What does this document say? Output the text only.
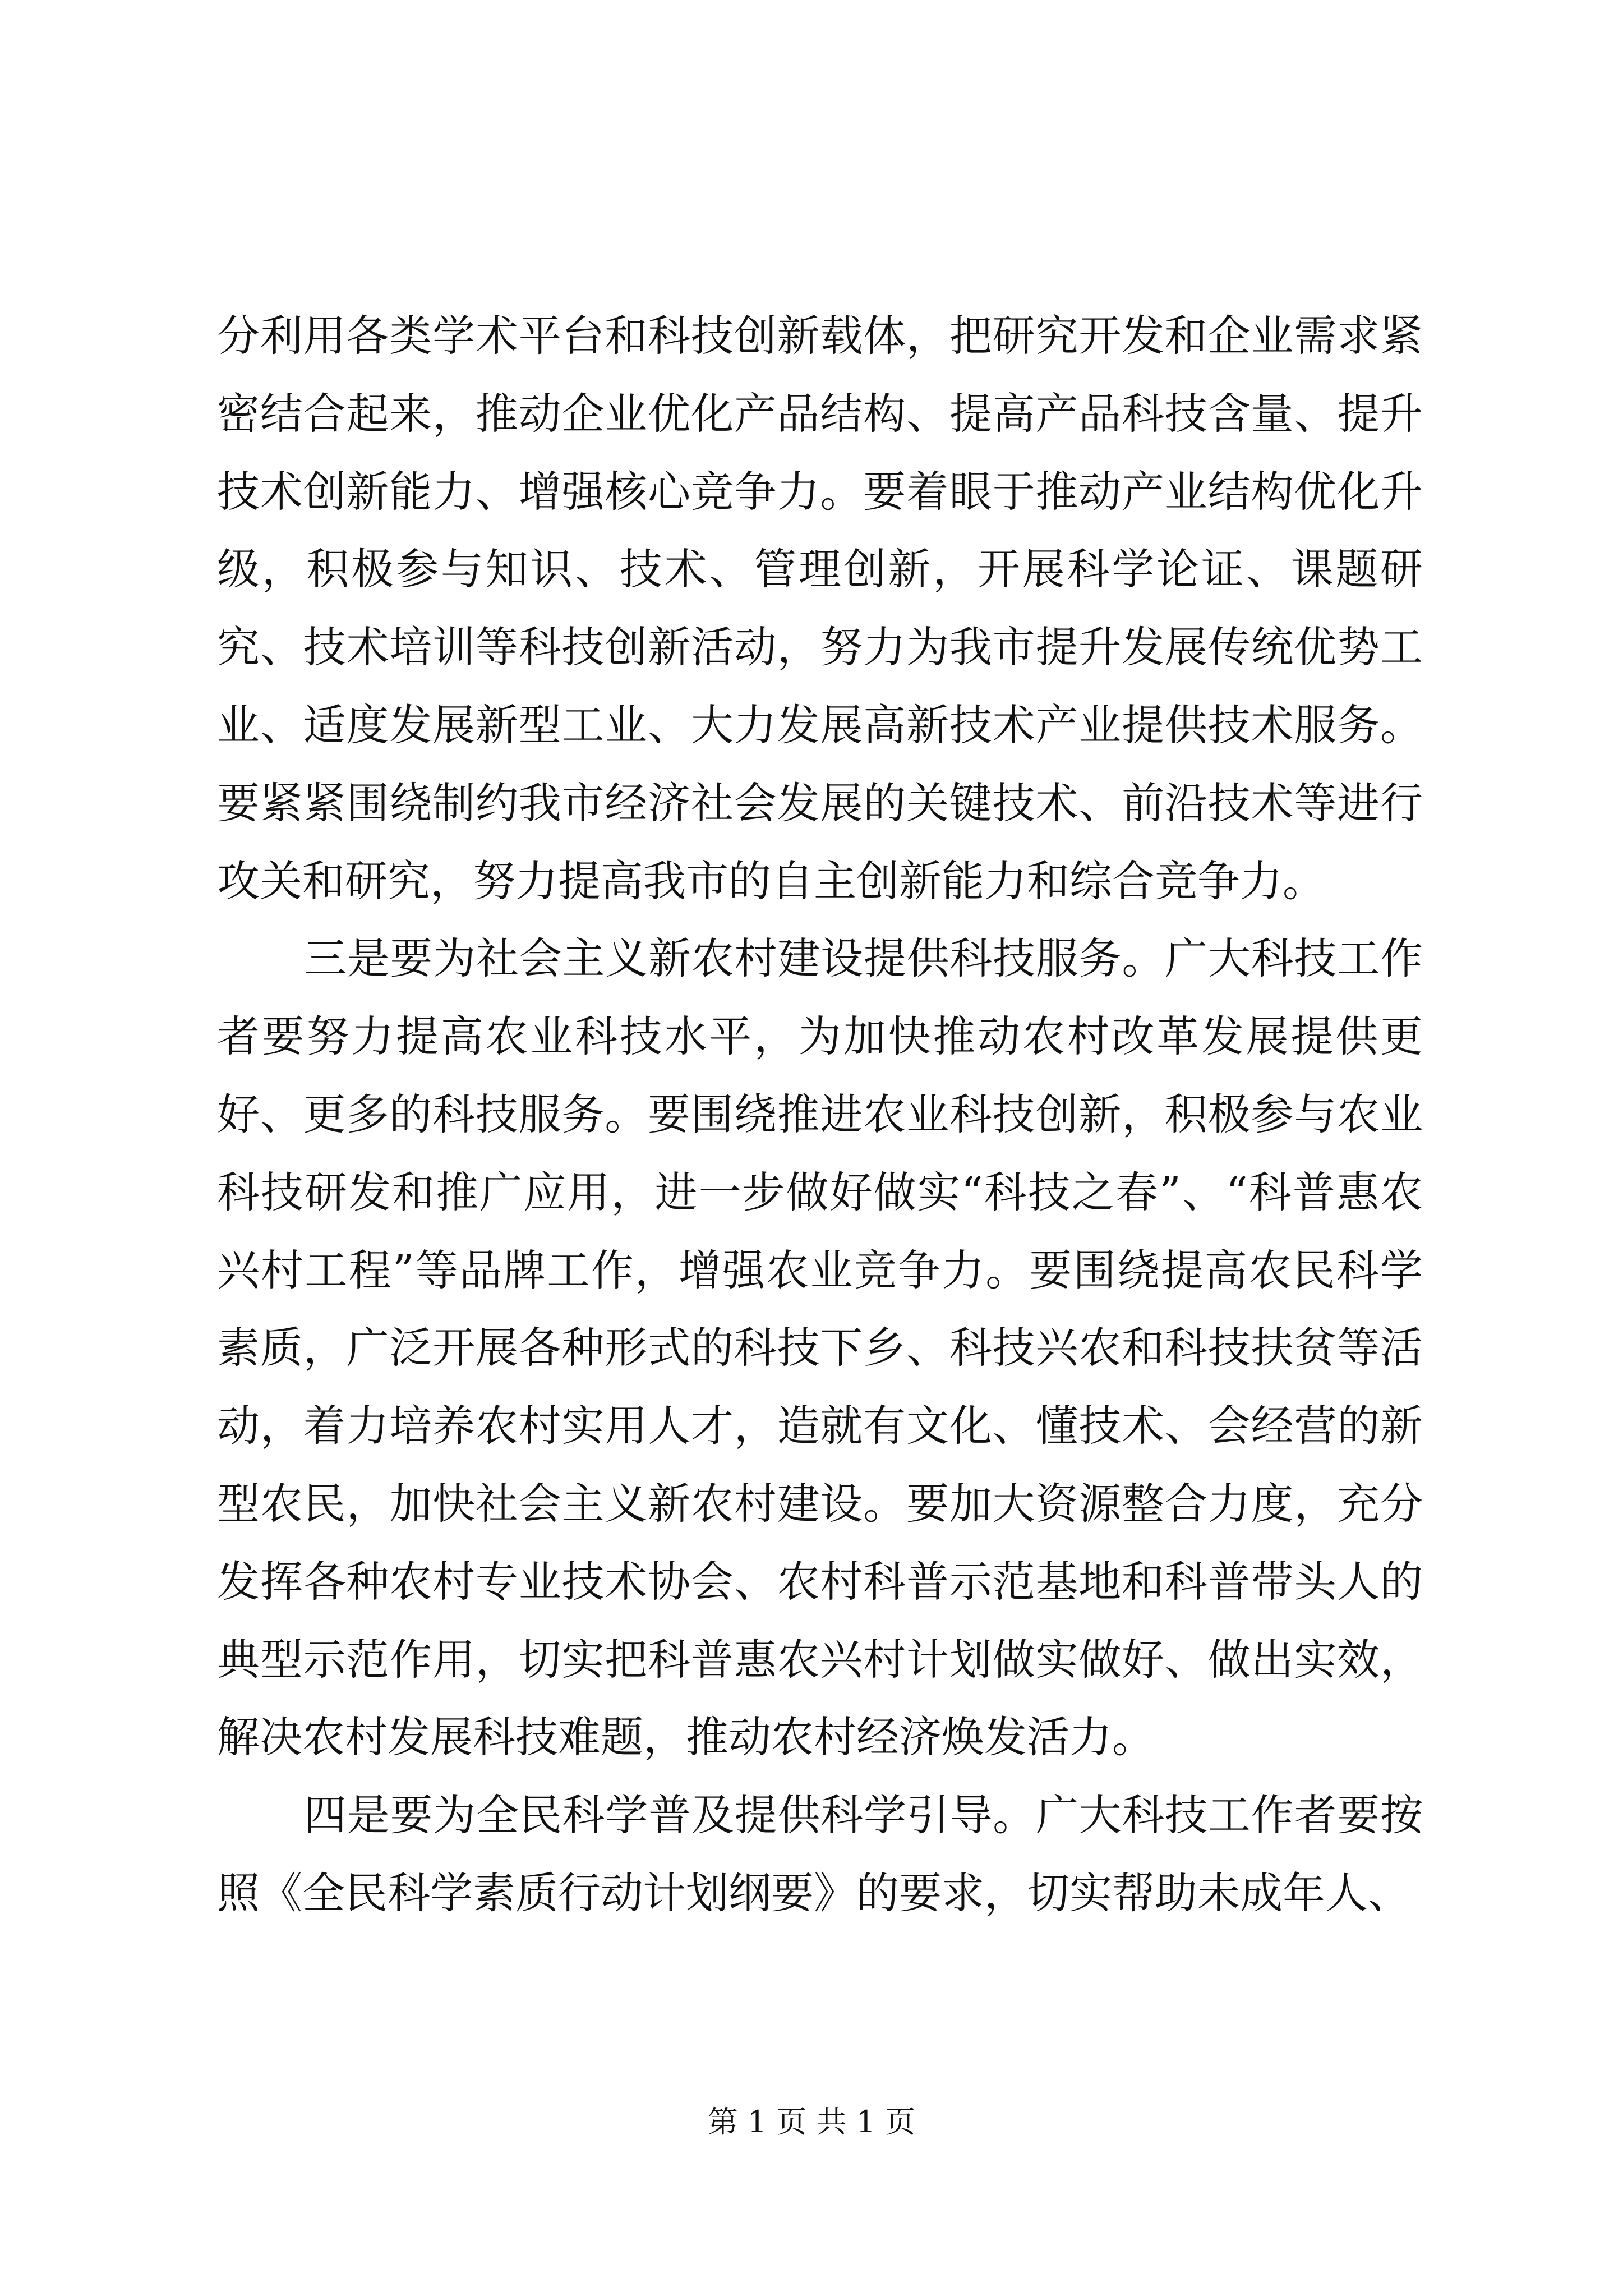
分利用各类学术平台和科技创新载体，把研究开发和企业需求紧密结合起来，推动企业优化产品结构、提高产品科技含量、提升技术创新能力、增强核心竞争力。要着眼于推动产业结构优化升级，积极参与知识、技术、管理创新，开展科学论证、课题研究、技术培训等科技创新活动，努力为我市提升发展传统优势工业、适度发展新型工业、大力发展高新技术产业提供技术服务。要紧紧围绕制约我市经济社会发展的关键技术、前沿技术等进行攻关和研究，努力提高我市的自主创新能力和综合竞争力。

三是要为社会主义新农村建设提供科技服务。广大科技工作者要努力提高农业科技水平，为加快推动农村改革发展提供更好、更多的科技服务。要围绕推进农业科技创新，积极参与农业科技研发和推广应用，进一步做好做实“科技之春”、“科普惠农兴村工程”等品牌工作，增强农业竞争力。要围绕提高农民科学素质，广泛开展各种形式的科技下乡、科技兴农和科技扶贫等活动，着力培养农村实用人才，造就有文化、懂技术、会经营的新型农民，加快社会主义新农村建设。要加大资源整合力度，充分发挥各种农村专业技术协会、农村科普示范基地和科普带头人的典型示范作用，切实把科普惠农兴村计划做实做好、做出实效，解决农村发展科技难题，推动农村经济焕发活力。

四是要为全民科学普及提供科学引导。广大科技工作者要按照《全民科学素质行动计划纲要》的要求，切实帮助未成年人、

第 1 页 共 1 页
